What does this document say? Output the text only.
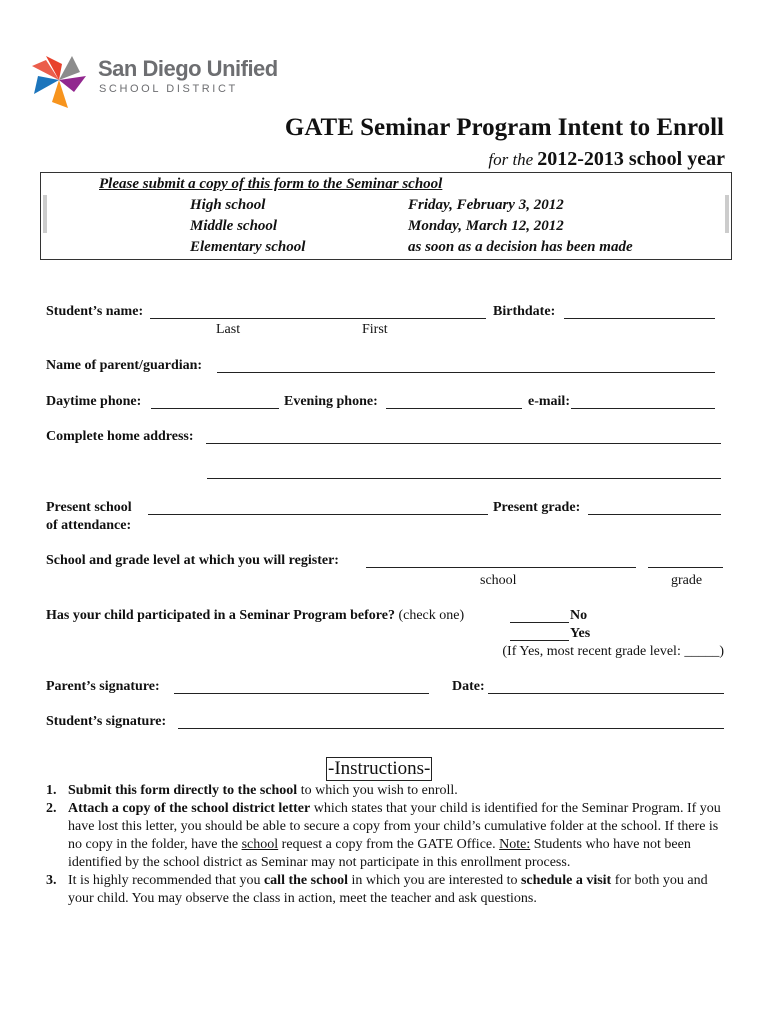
San Diego Unified
SCHOOL DISTRICT
GATE Seminar Program Intent to Enroll
for the 2012-2013 school year
Please submit a copy of this form to the Seminar school
High school	Friday, February 3, 2012
Middle school	Monday, March 12, 2012
Elementary school	as soon as a decision has been made
Student’s name:
Last	First
Birthdate:
Name of parent/guardian:
Daytime phone:	Evening phone:	e-mail:
Complete home address:
Present school
of attendance:
Present grade:
School and grade level at which you will register:
school	grade
Has your child participated in a Seminar Program before? (check one)	No
Yes
(If Yes, most recent grade level: _____)
Parent’s signature:	Date:
Student’s signature:
-Instructions-
1. Submit this form directly to the school to which you wish to enroll.
2. Attach a copy of the school district letter which states that your child is identified for the Seminar Program. If you have lost this letter, you should be able to secure a copy from your child’s cumulative folder at the school. If there is no copy in the folder, have the school request a copy from the GATE Office. Note: Students who have not been identified by the school district as Seminar may not participate in this enrollment process.
3. It is highly recommended that you call the school in which you are interested to schedule a visit for both you and your child. You may observe the class in action, meet the teacher and ask questions.
